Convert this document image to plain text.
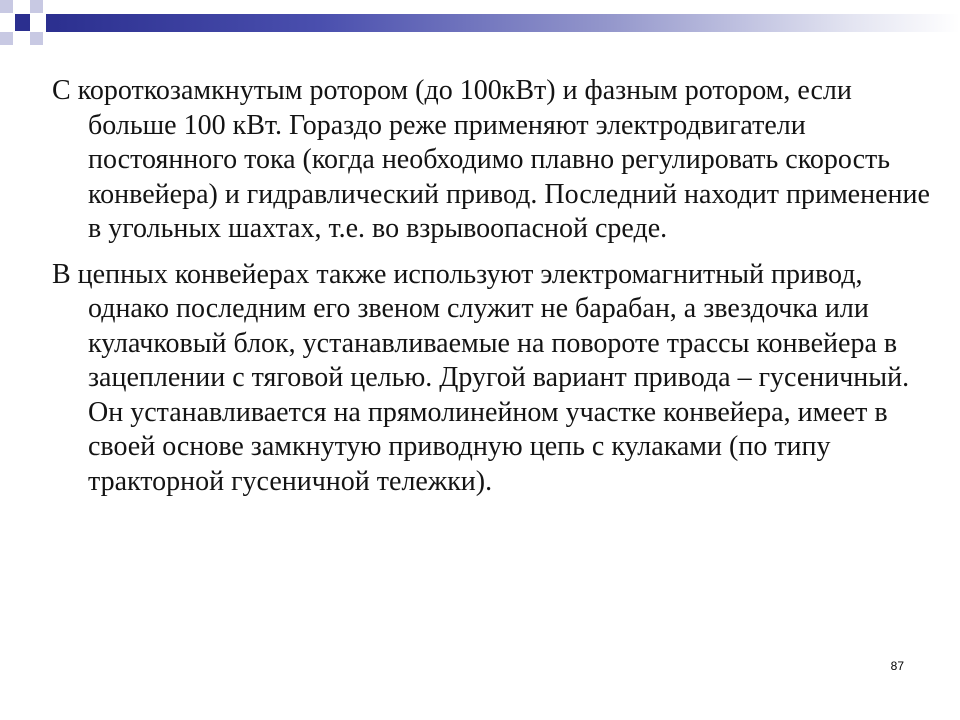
С короткозамкнутым ротором (до 100кВт) и фазным ротором, если больше 100 кВт. Гораздо реже применяют электродвигатели постоянного тока (когда необходимо плавно регулировать скорость конвейера) и гидравлический привод. Последний находит применение в угольных шахтах, т.е. во взрывоопасной среде.

В цепных конвейерах также используют электромагнитный привод, однако последним его звеном служит не барабан, а звездочка или кулачковый блок, устанавливаемые на повороте трассы конвейера в зацеплении с тяговой целью. Другой вариант привода – гусеничный. Он устанавливается на прямолинейном участке конвейера, имеет в своей основе замкнутую приводную цепь с кулаками (по типу тракторной гусеничной тележки).

87
